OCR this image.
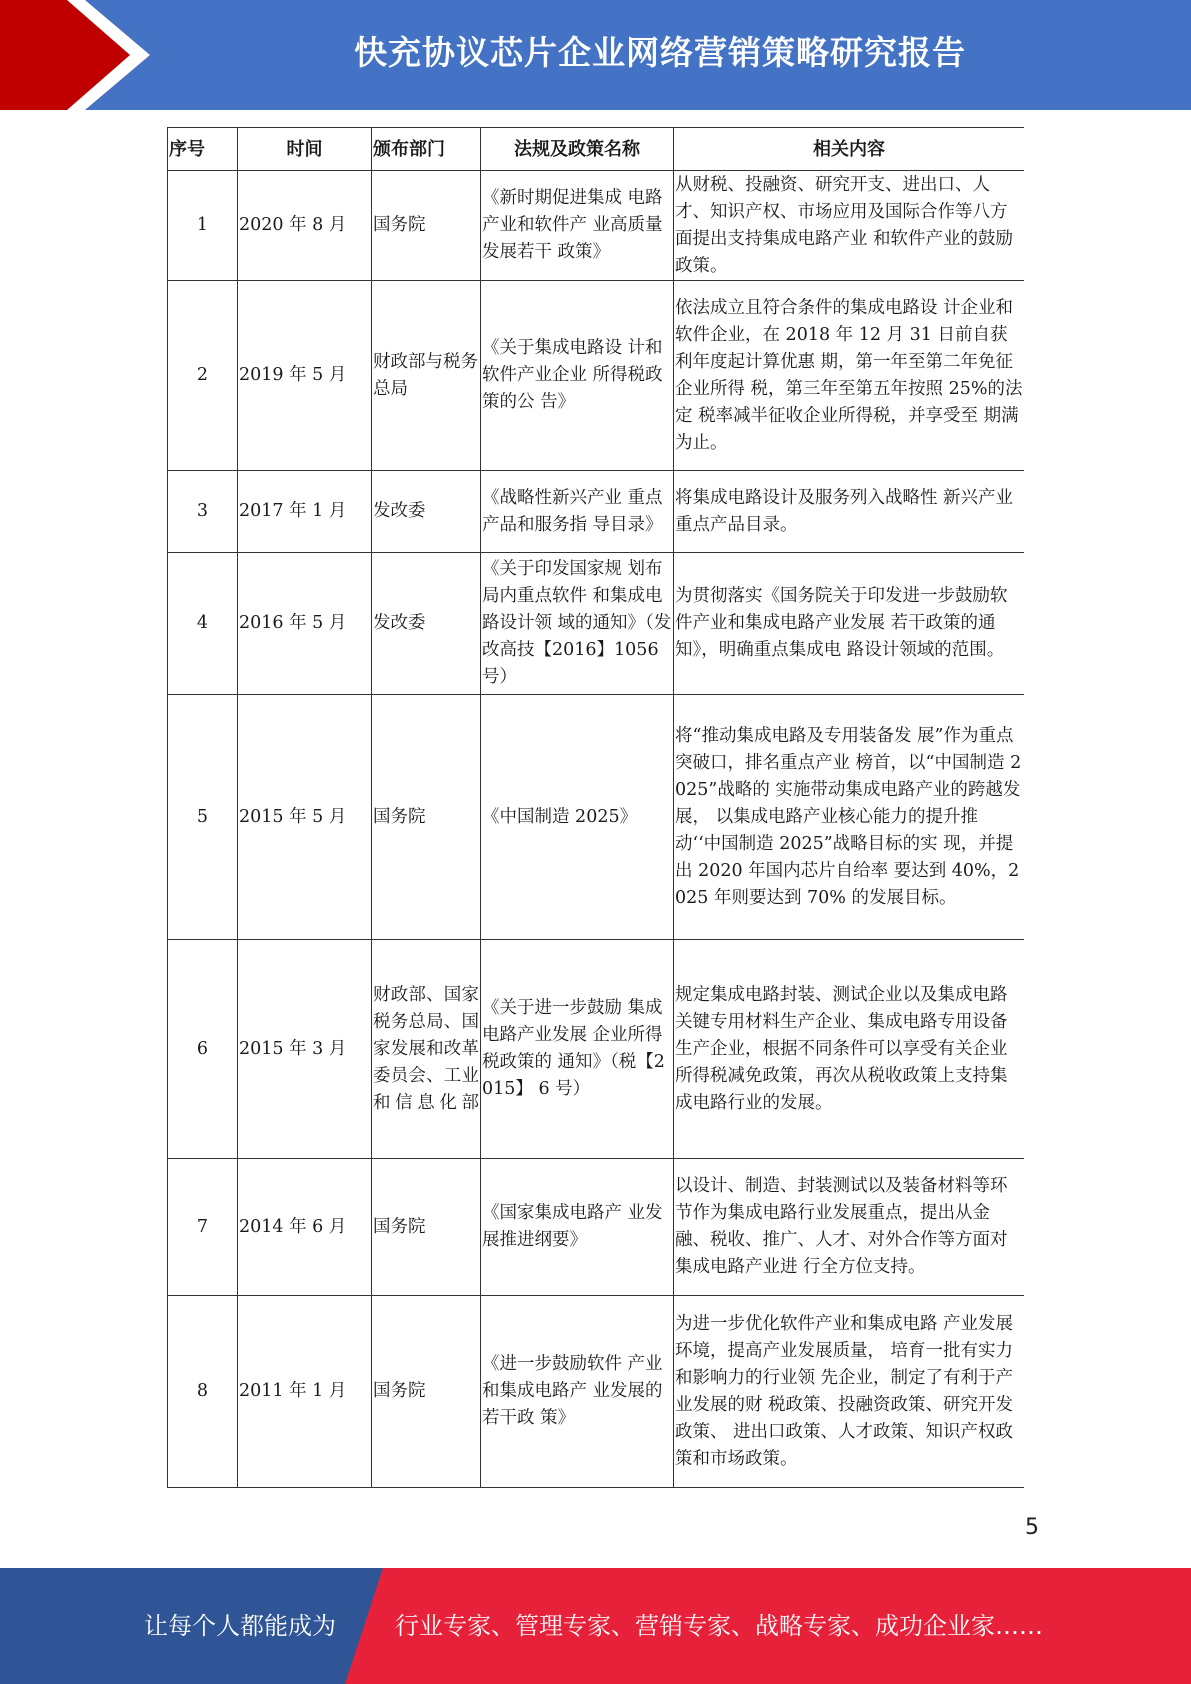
快充协议芯片企业网络营销策略研究报告
序号	时间	颁布部门	法规及政策名称	相关内容
1	2020 年 8 月	国务院	《新时期促进集成 电路产业和软件产 业高质量发展若干 政策》	从财税、投融资、研究开支、进出口、人才、知识产权、市场应用及国际合作等八方面提出支持集成电路产业 和软件产业的鼓励政策。
2	2019 年 5 月	财政部与税务总局	《关于集成电路设 计和软件产业企业 所得税政策的公 告》	依法成立且符合条件的集成电路设 计企业和软件企业，在 2018 年 12 月 31 日前自获利年度起计算优惠 期，第一年至第二年免征企业所得 税，第三年至第五年按照 25%的法定 税率减半征收企业所得税，并享受至 期满为止。
3	2017 年 1 月	发改委	《战略性新兴产业 重点产品和服务指 导目录》	将集成电路设计及服务列入战略性 新兴产业重点产品目录。
4	2016 年 5 月	发改委	《关于印发国家规 划布局内重点软件 和集成电路设计领 域的通知》（发改高技【2016】1056 号）	为贯彻落实《国务院关于印发进一步鼓励软件产业和集成电路产业发展 若干政策的通知》，明确重点集成电 路设计领域的范围。
5	2015 年 5 月	国务院	《中国制造 2025》	将“推动集成电路及专用装备发 展”作为重点突破口，排名重点产业 榜首，以“中国制造 2025”战略的 实施带动集成电路产业的跨越发展， 以集成电路产业核心能力的提升推 动‘‘中国制造 2025”战略目标的实 现，并提出 2020 年国内芯片自给率 要达到 40%，2025 年则要达到 70% 的发展目标。
6	2015 年 3 月	财政部、国家税务总局、国家发展和改革委员会、工业和信息化部	《关于进一步鼓励 集成电路产业发展 企业所得税政策的 通知》（税【2015】 6 号）	规定集成电路封装、测试企业以及集成电路关键专用材料生产企业、集成电路专用设备生产企业，根据不同条件可以享受有关企业所得税减免政策，再次从税收政策上支持集成电路行业的发展。
7	2014 年 6 月	国务院	《国家集成电路产 业发展推进纲要》	以设计、制造、封装测试以及装备材料等环节作为集成电路行业发展重点，提出从金融、税收、推广、人才、对外合作等方面对集成电路产业进 行全方位支持。
8	2011 年 1 月	国务院	《进一步鼓励软件 产业和集成电路产 业发展的若干政 策》	为进一步优化软件产业和集成电路 产业发展环境，提高产业发展质量， 培育一批有实力和影响力的行业领 先企业，制定了有利于产业发展的财 税政策、投融资政策、研究开发政策、 进出口政策、人才政策、知识产权政 策和市场政策。
5
让每个人都能成为	行业专家、管理专家、营销专家、战略专家、成功企业家……
